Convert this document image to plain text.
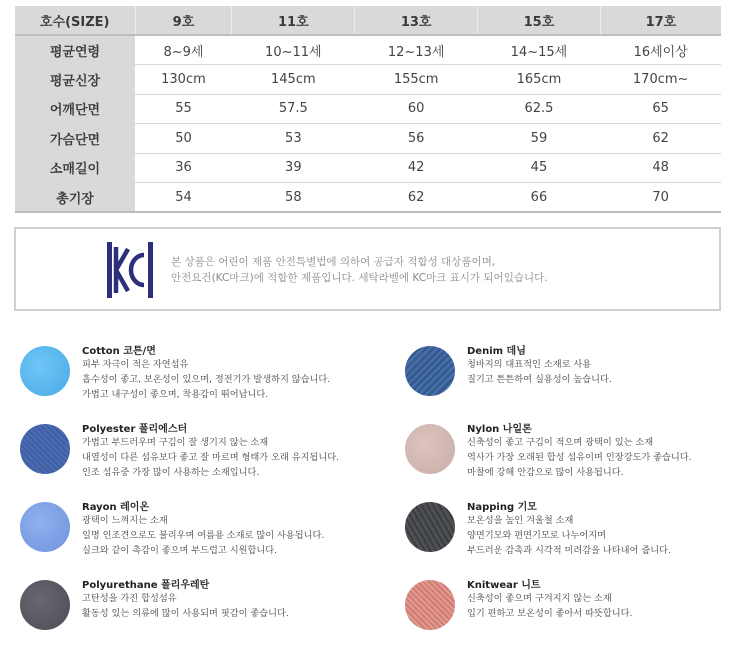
호수(SIZE)	9호	11호	13호	15호	17호
평균연령	8~9세	10~11세	12~13세	14~15세	16세이상
평균신장	130cm	145cm	155cm	165cm	170cm~
어깨단면	55	57.5	60	62.5	65
가슴단면	50	53	56	59	62
소매길이	36	39	42	45	48
총기장	54	58	62	66	70
본 상품은 어린이 제품 안전특별법에 의하여 공급자 적합성 대상품이며,
안전요건(KC마크)에 적합한 제품입니다. 세탁라벨에 KC마크 표시가 되어있습니다.
Cotton 코튼/면
피부 자극이 적은 자연섬유
흡수성이 좋고, 보온성이 있으며, 정전기가 발생하지 않습니다.
가볍고 내구성이 좋으며, 착용감이 뛰어납니다.
Polyester 폴리에스터
가볍고 부드러우며 구김이 잘 생기지 않는 소재
내열성이 다른 섬유보다 좋고 잘 마르며 형태가 오래 유지됩니다.
인조 섬유중 가장 많이 사용하는 소재입니다.
Rayon 레이온
광택이 느껴지는 소재
일명 인조견으로도 불리우며 여름용 소재로 많이 사용됩니다.
실크와 같이 촉감이 좋으며 부드럽고 시원합니다.
Polyurethane 폴리우레탄
고탄성을 가진 합성섬유
활동성 있는 의류에 많이 사용되며 핏감이 좋습니다.
Denim 데님
청바지의 대표적인 소재로 사용
질기고 튼튼하여 실용성이 높습니다.
Nylon 나일론
신축성이 좋고 구김이 적으며 광택이 있는 소재
역사가 가장 오래된 합성 섬유이며 인장강도가 좋습니다.
마찰에 강해 안감으로 많이 사용됩니다.
Napping 기모
보온성을 높인 겨울철 소재
양면기모와 편면기모로 나누어지며
부드러운 감촉과 시각적 미려감을 나타내어 줍니다.
Knitwear 니트
신축성이 좋으며 구겨지지 않는 소재
입기 편하고 보온성이 좋아서 따뜻합니다.
